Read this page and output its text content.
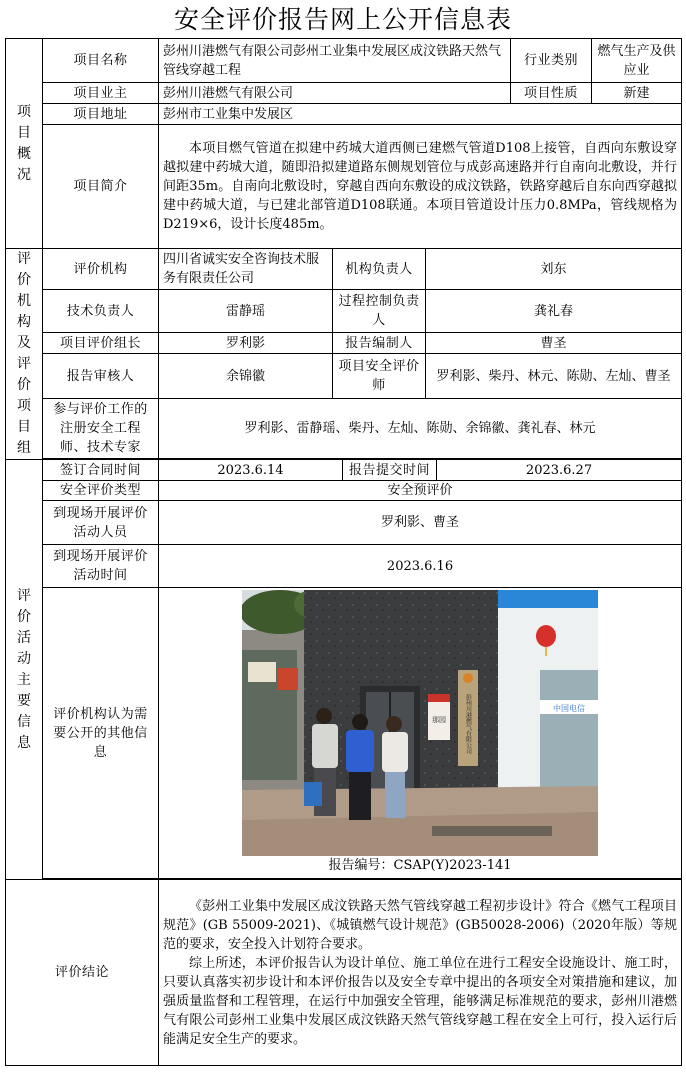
安全评价报告网上公开信息表
项目概况	项目名称	彭州川港燃气有限公司彭州工业集中发展区成汶铁路天然气管线穿越工程					行业类别	燃气生产及供应业
	项目业主	彭州川港燃气有限公司					项目性质	新建
	项目地址	彭州市工业集中发展区						
	项目简介	本项目燃气管道在拟建中药城大道西侧已建燃气管道D108上接管，自西向东敷设穿越拟建中药城大道，随即沿拟建道路东侧规划管位与成彭高速路并行自南向北敷设，并行间距35m。自南向北敷设时，穿越自西向东敷设的成汶铁路，铁路穿越后自东向西穿越拟建中药城大道，与已建北部管道D108联通。本项目管道设计压力0.8MPa，管线规格为D219×6，设计长度485m。						
评价机构及评价项目组	评价机构	四川省诚实安全咨询技术服务有限责任公司	机构负责人		刘东			
	技术负责人	雷静瑶	过程控制负责人		龚礼春			
	项目评价组长	罗利影	报告编制人		曹圣			
	报告审核人	余锦徽	项目安全评价师		罗利影、柴丹、林元、陈勋、左灿、曹圣			
	参与评价工作的注册安全工程师、技术专家	罗利影、雷静瑶、柴丹、左灿、陈勋、余锦徽、龚礼春、林元						

评价活动主要信息	签订合同时间	2023.6.14		报告提交时间		2023.6.27		
	安全评价类型	安全预评价						
	到现场开展评价活动人员	罗利影、曹圣						
	到现场开展评价活动时间	2023.6.16						
	评价机构认为需要公开的其他信息	那园 彭州川港燃气有限公司 中国电信
报告编号：CSAP(Y)2023-141						

评价结论		《彭州工业集中发展区成汶铁路天然气管线穿越工程初步设计》符合《燃气工程项目规范》(GB 55009-2021)、《城镇燃气设计规范》(GB50028-2006)（2020年版）等规范的要求，安全投入计划符合要求。
综上所述，本评价报告认为设计单位、施工单位在进行工程安全设施设计、施工时，只要认真落实初步设计和本评价报告以及安全专章中提出的各项安全对策措施和建议，加强质量监督和工程管理，在运行中加强安全管理，能够满足标准规范的要求，彭州川港燃气有限公司彭州工业集中发展区成汶铁路天然气管线穿越工程在安全上可行，投入运行后能满足安全生产的要求。						
